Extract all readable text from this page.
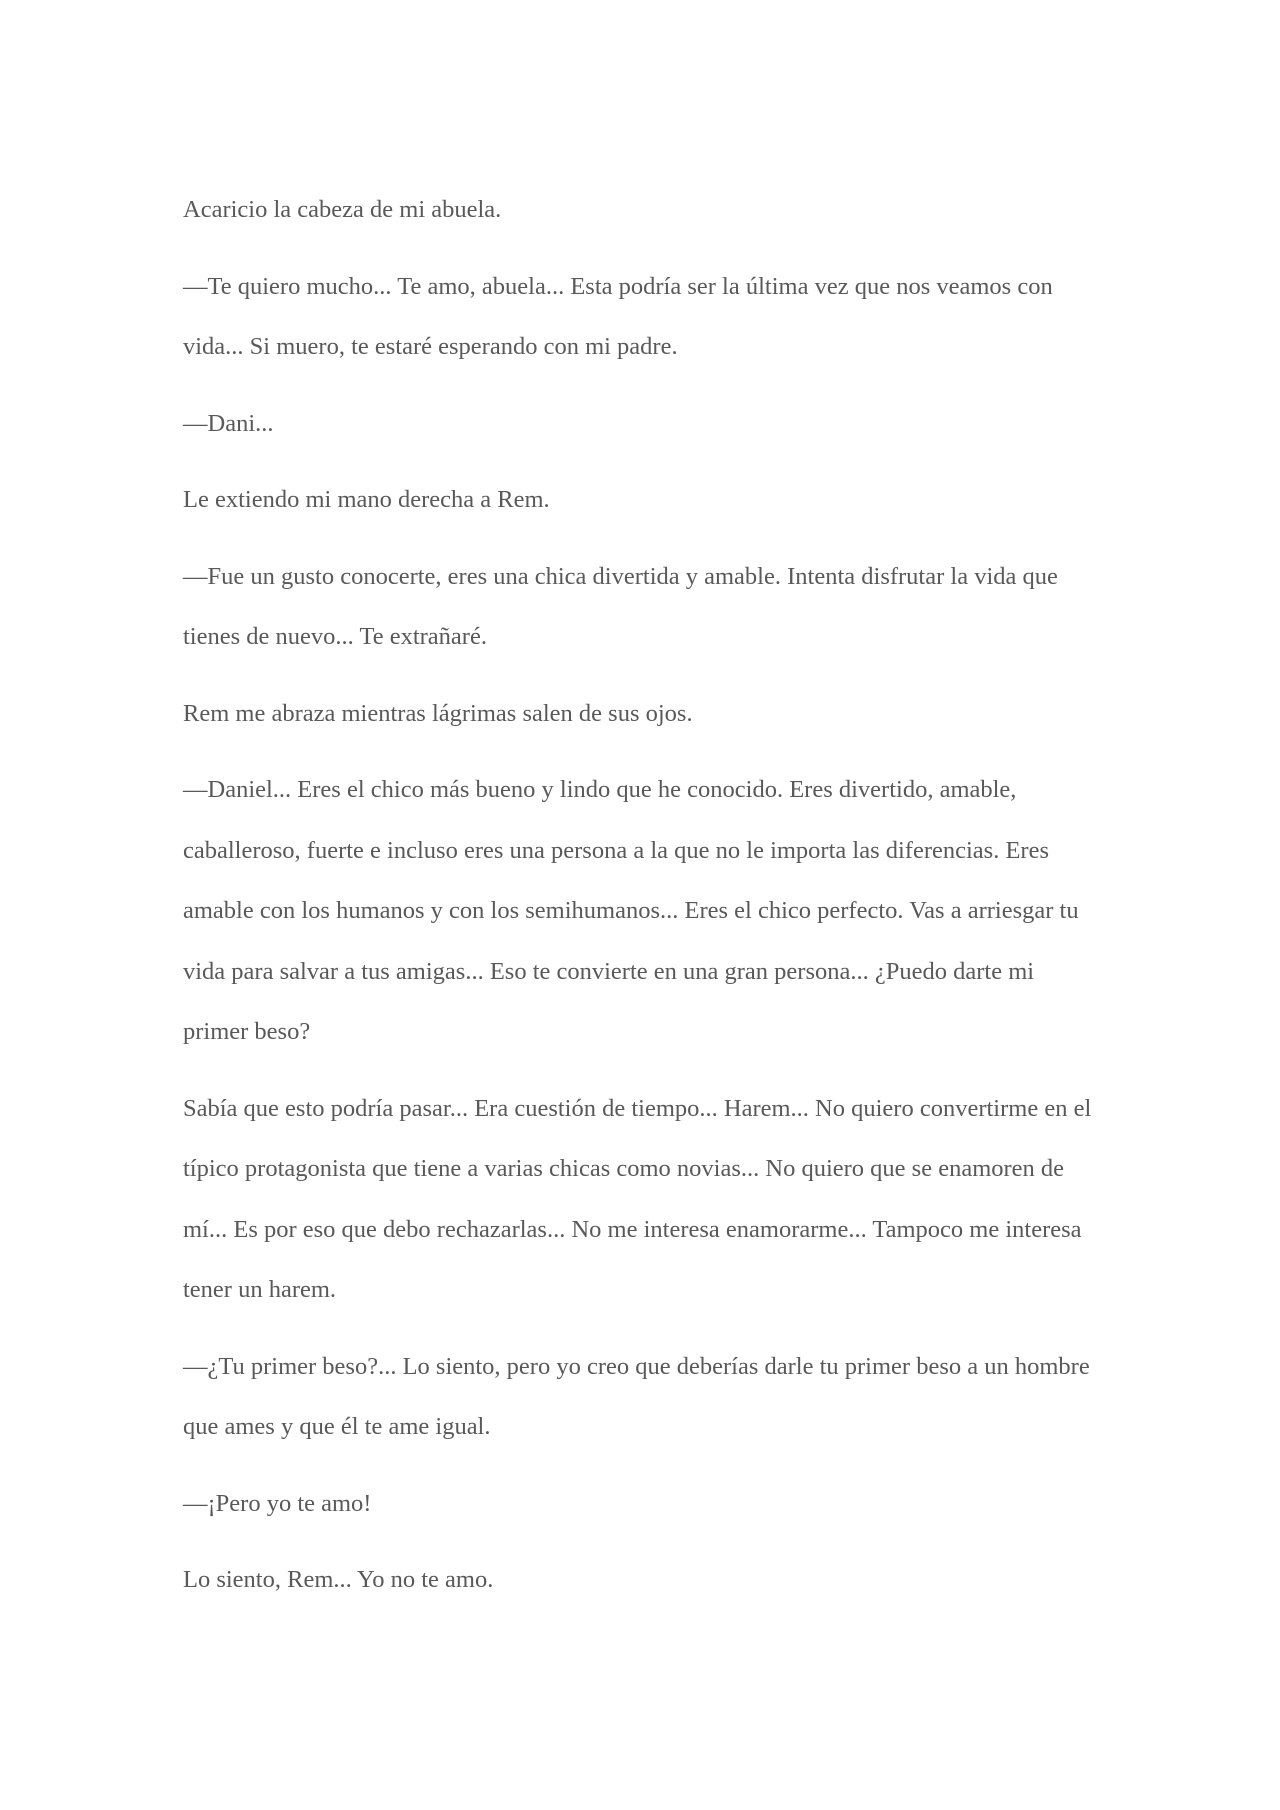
Acaricio la cabeza de mi abuela.

—Te quiero mucho... Te amo, abuela... Esta podría ser la última vez que nos veamos con vida... Si muero, te estaré esperando con mi padre.

—Dani...

Le extiendo mi mano derecha a Rem.

—Fue un gusto conocerte, eres una chica divertida y amable. Intenta disfrutar la vida que tienes de nuevo... Te extrañaré.

Rem me abraza mientras lágrimas salen de sus ojos.

—Daniel... Eres el chico más bueno y lindo que he conocido. Eres divertido, amable, caballeroso, fuerte e incluso eres una persona a la que no le importa las diferencias. Eres amable con los humanos y con los semihumanos... Eres el chico perfecto. Vas a arriesgar tu vida para salvar a tus amigas... Eso te convierte en una gran persona... ¿Puedo darte mi primer beso?

Sabía que esto podría pasar... Era cuestión de tiempo... Harem... No quiero convertirme en el típico protagonista que tiene a varias chicas como novias... No quiero que se enamoren de mí... Es por eso que debo rechazarlas... No me interesa enamorarme... Tampoco me interesa tener un harem.

—¿Tu primer beso?... Lo siento, pero yo creo que deberías darle tu primer beso a un hombre que ames y que él te ame igual.

—¡Pero yo te amo!

Lo siento, Rem... Yo no te amo.
